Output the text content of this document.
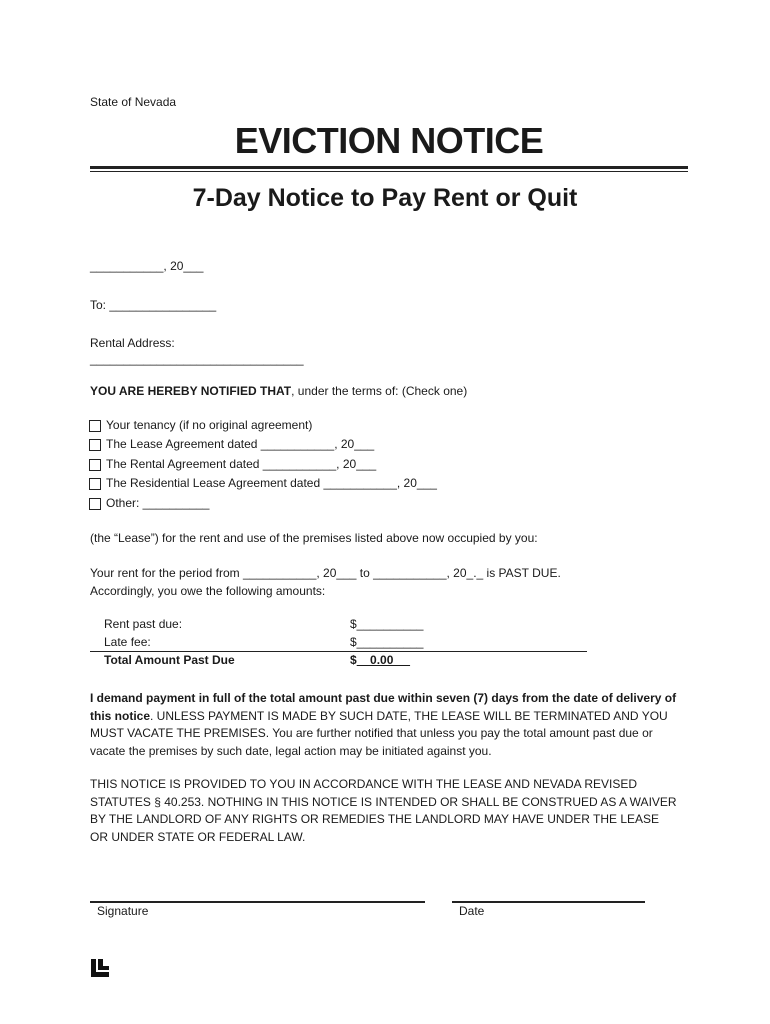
State of Nevada
EVICTION NOTICE
7-Day Notice to Pay Rent or Quit
___________, 20___
To: ________________
Rental Address:
________________________________
YOU ARE HEREBY NOTIFIED THAT, under the terms of: (Check one)
Your tenancy (if no original agreement)
The Lease Agreement dated ___________, 20___
The Rental Agreement dated ___________, 20___
The Residential Lease Agreement dated ___________, 20___
Other: __________
(the “Lease”) for the rent and use of the premises listed above now occupied by you:
Your rent for the period from ___________, 20___ to ___________, 20_._ is PAST DUE.
Accordingly, you owe the following amounts:
Rent past due:	$__________
Late fee:	$__________
Total Amount Past Due	$    0.00
I demand payment in full of the total amount past due within seven (7) days from the date of delivery of this notice. UNLESS PAYMENT IS MADE BY SUCH DATE, THE LEASE WILL BE TERMINATED AND YOU MUST VACATE THE PREMISES. You are further notified that unless you pay the total amount past due or vacate the premises by such date, legal action may be initiated against you.
THIS NOTICE IS PROVIDED TO YOU IN ACCORDANCE WITH THE LEASE AND NEVADA REVISED STATUTES § 40.253. NOTHING IN THIS NOTICE IS INTENDED OR SHALL BE CONSTRUED AS A WAIVER BY THE LANDLORD OF ANY RIGHTS OR REMEDIES THE LANDLORD MAY HAVE UNDER THE LEASE OR UNDER STATE OR FEDERAL LAW.
Signature	Date
